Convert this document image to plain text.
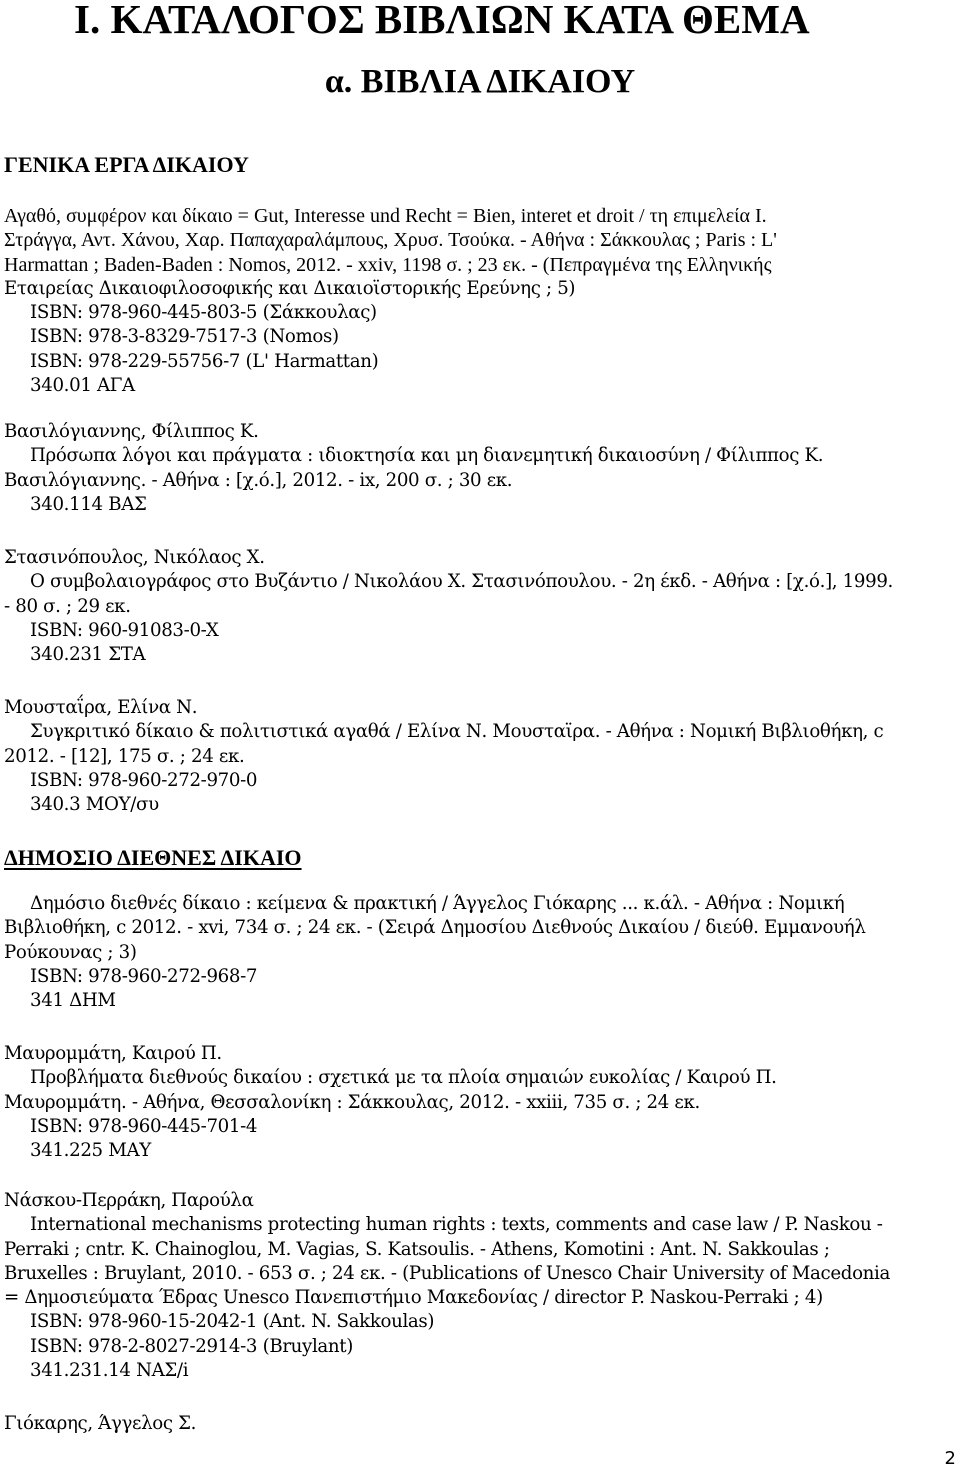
Ι. ΚΑΤΑΛΟΓΟΣ ΒΙΒΛΙΩΝ ΚΑΤΑ ΘΕΜΑ
α. ΒΙΒΛΙΑ ΔΙΚΑΙΟΥ
ΓΕΝΙΚΑ ΕΡΓΑ ΔΙΚΑΙΟΥ
Αγαθό, συμφέρον και δίκαιο = Gut, Interesse und Recht = Bien, interet et droit / τη επιμελεία Ι.
Στράγγα, Αντ. Χάνου, Χαρ. Παπαχαραλάμπους, Χρυσ. Τσούκα. - Αθήνα : Σάκκουλας ; Paris : L'
Harmattan ; Baden-Baden : Nomos, 2012. - xxiv, 1198 σ. ; 23 εκ. - (Πεπραγμένα της Ελληνικής
Εταιρείας Δικαιοφιλοσοφικής και Δικαιοϊστορικής Ερεύνης ; 5)
ISBN: 978-960-445-803-5 (Σάκκουλας)
ISBN: 978-3-8329-7517-3 (Nomos)
ISBN: 978-229-55756-7 (L' Harmattan)
340.01 ΑΓΑ
Βασιλόγιαννης, Φίλιππος Κ.
Πρόσωπα λόγοι και πράγματα : ιδιοκτησία και μη διανεμητική δικαιοσύνη / Φίλιππος Κ.
Βασιλόγιαννης. - Αθήνα : [χ.ό.], 2012. - ix, 200 σ. ; 30 εκ.
340.114 ΒΑΣ
Στασινόπουλος, Νικόλαος Χ.
Ο συμβολαιογράφος στο Βυζάντιο / Νικολάου Χ. Στασινόπουλου. - 2η έκδ. - Αθήνα : [χ.ό.], 1999.
- 80 σ. ; 29 εκ.
ISBN: 960-91083-0-X
340.231 ΣΤΑ
Μουσταΐρα, Ελίνα Ν.
Συγκριτικό δίκαιο & πολιτιστικά αγαθά / Ελίνα Ν. Μουσταϊρα. - Αθήνα : Νομική Βιβλιοθήκη, c
2012. - [12], 175 σ. ; 24 εκ.
ISBN: 978-960-272-970-0
340.3 ΜΟΥ/συ
ΔΗΜΟΣΙΟ ΔΙΕΘΝΕΣ ΔΙΚΑΙΟ
Δημόσιο διεθνές δίκαιο : κείμενα & πρακτική / Άγγελος Γιόκαρης ... κ.άλ. - Αθήνα : Νομική
Βιβλιοθήκη, c 2012. - xvi, 734 σ. ; 24 εκ. - (Σειρά Δημοσίου Διεθνούς Δικαίου / διεύθ. Εμμανουήλ
Ρούκουνας ; 3)
ISBN: 978-960-272-968-7
341 ΔΗΜ
Μαυρομμάτη, Καιρού Π.
Προβλήματα διεθνούς δικαίου : σχετικά με τα πλοία σημαιών ευκολίας / Καιρού Π.
Μαυρομμάτη. - Αθήνα, Θεσσαλονίκη : Σάκκουλας, 2012. - xxiii, 735 σ. ; 24 εκ.
ISBN: 978-960-445-701-4
341.225 ΜΑΥ
Νάσκου-Περράκη, Παρούλα
International mechanisms protecting human rights : texts, comments and case law / P. Naskou -
Perraki ; cntr. K. Chainoglou, M. Vagias, S. Katsoulis. - Athens, Komotini : Ant. N. Sakkoulas ;
Bruxelles : Bruylant, 2010. - 653 σ. ; 24 εκ. - (Publications of Unesco Chair University of Macedonia
= Δημοσιεύματα Έδρας Unesco Πανεπιστήμιο Μακεδονίας / director P. Naskou-Perraki ; 4)
ISBN: 978-960-15-2042-1 (Ant. N. Sakkoulas)
ISBN: 978-2-8027-2914-3 (Bruylant)
341.231.14 ΝΑΣ/i
Γιόκαρης, Άγγελος Σ.

2
